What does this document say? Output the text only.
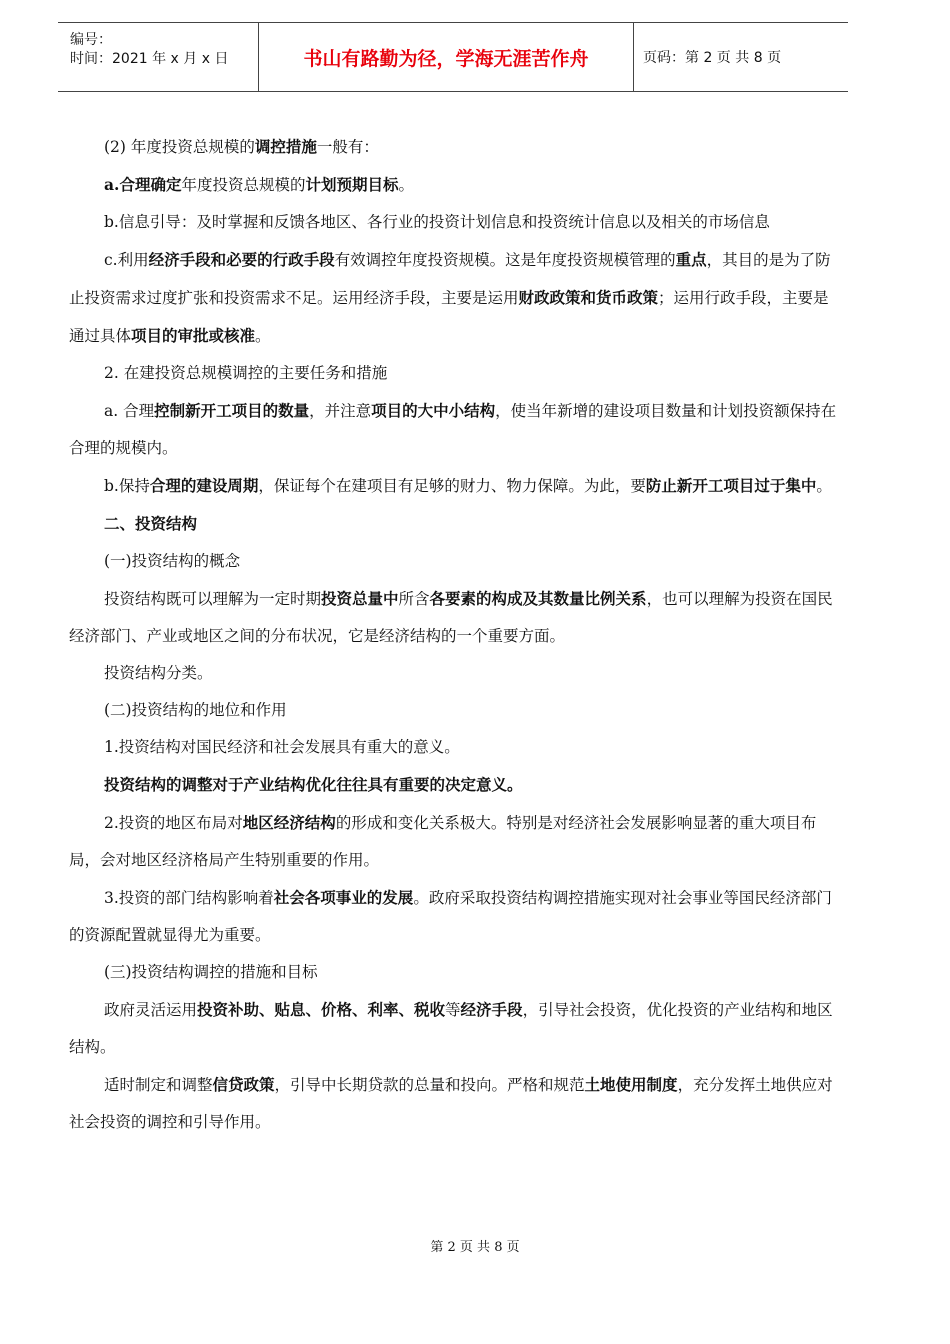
编号：
时间：2021 年 x 月 x 日	书山有路勤为径，学海无涯苦作舟	页码：第 2 页 共 8 页

(2) 年度投资总规模的调控措施一般有：

a.合理确定年度投资总规模的计划预期目标。

b.信息引导：及时掌握和反馈各地区、各行业的投资计划信息和投资统计信息以及相关的市场信息

c.利用经济手段和必要的行政手段有效调控年度投资规模。这是年度投资规模管理的重点，其目的是为了防止投资需求过度扩张和投资需求不足。运用经济手段，主要是运用财政政策和货币政策；运用行政手段，主要是通过具体项目的审批或核准。

2. 在建投资总规模调控的主要任务和措施

a. 合理控制新开工项目的数量，并注意项目的大中小结构，使当年新增的建设项目数量和计划投资额保持在合理的规模内。

b.保持合理的建设周期，保证每个在建项目有足够的财力、物力保障。为此，要防止新开工项目过于集中。

二、投资结构

(一)投资结构的概念

投资结构既可以理解为一定时期投资总量中所含各要素的构成及其数量比例关系，也可以理解为投资在国民经济部门、产业或地区之间的分布状况，它是经济结构的一个重要方面。

投资结构分类。

(二)投资结构的地位和作用

1.投资结构对国民经济和社会发展具有重大的意义。

投资结构的调整对于产业结构优化往往具有重要的决定意义。

2.投资的地区布局对地区经济结构的形成和变化关系极大。特别是对经济社会发展影响显著的重大项目布局，会对地区经济格局产生特别重要的作用。

3.投资的部门结构影响着社会各项事业的发展。政府采取投资结构调控措施实现对社会事业等国民经济部门的资源配置就显得尤为重要。

(三)投资结构调控的措施和目标

政府灵活运用投资补助、贴息、价格、利率、税收等经济手段，引导社会投资，优化投资的产业结构和地区结构。

适时制定和调整信贷政策，引导中长期贷款的总量和投向。严格和规范土地使用制度，充分发挥土地供应对社会投资的调控和引导作用。

第 2 页 共 8 页
